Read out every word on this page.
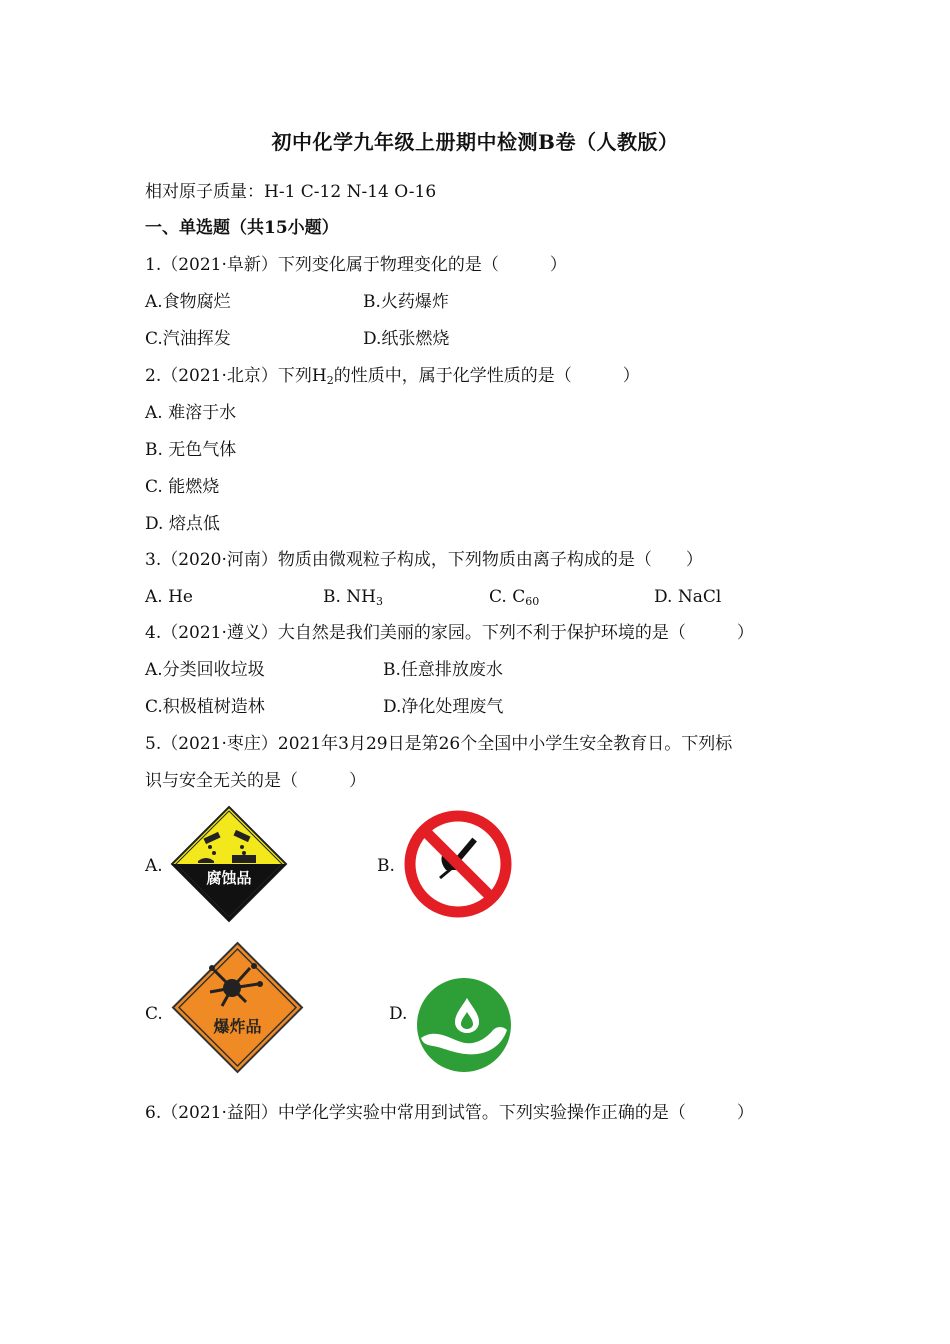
初中化学九年级上册期中检测B卷（人教版）
相对原子质量：H-1 C-12 N-14 O-16
一、单选题（共15小题）
1.（2021·阜新）下列变化属于物理变化的是（　　　）
A.食物腐烂	B.火药爆炸
C.汽油挥发	D.纸张燃烧
2.（2021·北京）下列$H_2$的性质中，属于化学性质的是（　　　）
A. 难溶于水
B. 无色气体
C. 能燃烧
D. 熔点低
3.（2020·河南）物质由微观粒子构成，下列物质由离子构成的是（　　）
A. He	B. $NH_3$	C. $C_{60}$	D. NaCl
4.（2021·遵义）大自然是我们美丽的家园。下列不利于保护环境的是（　　　）
A.分类回收垃圾	B.任意排放废水
C.积极植树造林	D.净化处理废气
5.（2021·枣庄）2021年3月29日是第26个全国中小学生安全教育日。下列标
识与安全无关的是（　　　）
A.
腐蚀品
B.
C.
爆炸品
D.
6.（2021·益阳）中学化学实验中常用到试管。下列实验操作正确的是（　　　）
